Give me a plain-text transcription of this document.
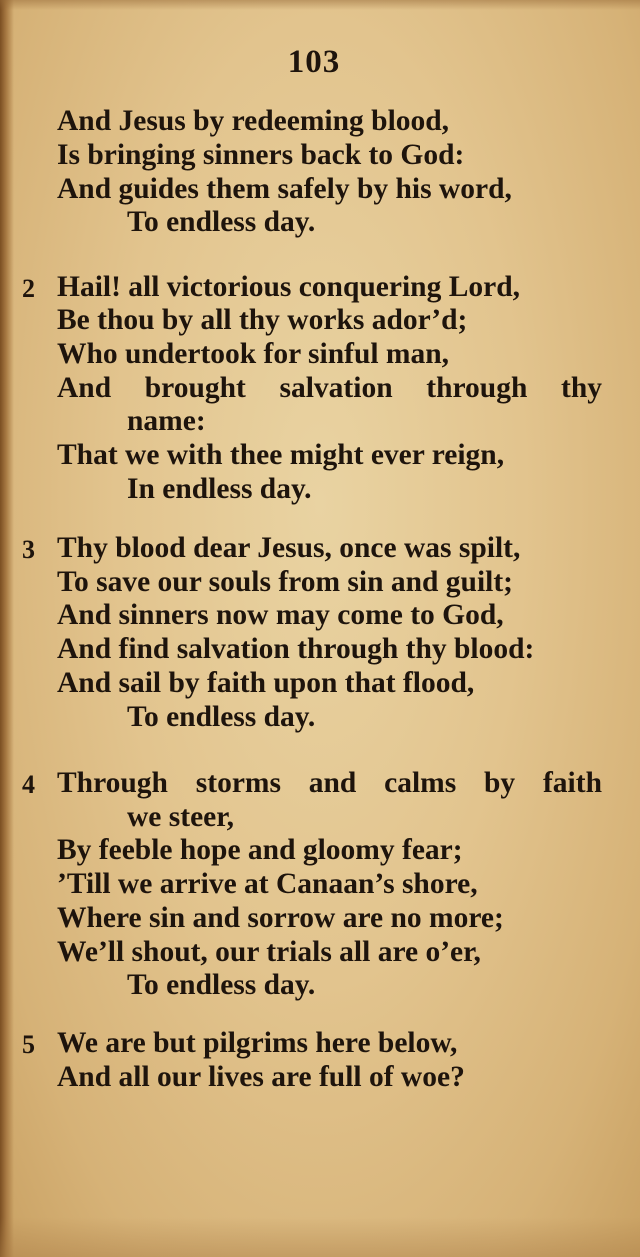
103
And Jesus by redeeming blood,
Is bringing sinners back to God:
And guides them safely by his word,
To endless day.
2 Hail! all victorious conquering Lord,
Be thou by all thy works ador’d;
Who undertook for sinful man,
And brought salvation through thy
name:
That we with thee might ever reign,
In endless day.
3 Thy blood dear Jesus, once was spilt,
To save our souls from sin and guilt;
And sinners now may come to God,
And find salvation through thy blood:
And sail by faith upon that flood,
To endless day.
4 Through storms and calms by faith
we steer,
By feeble hope and gloomy fear;
’Till we arrive at Canaan’s shore,
Where sin and sorrow are no more;
We’ll shout, our trials all are o’er,
To endless day.
5 We are but pilgrims here below,
And all our lives are full of woe?
